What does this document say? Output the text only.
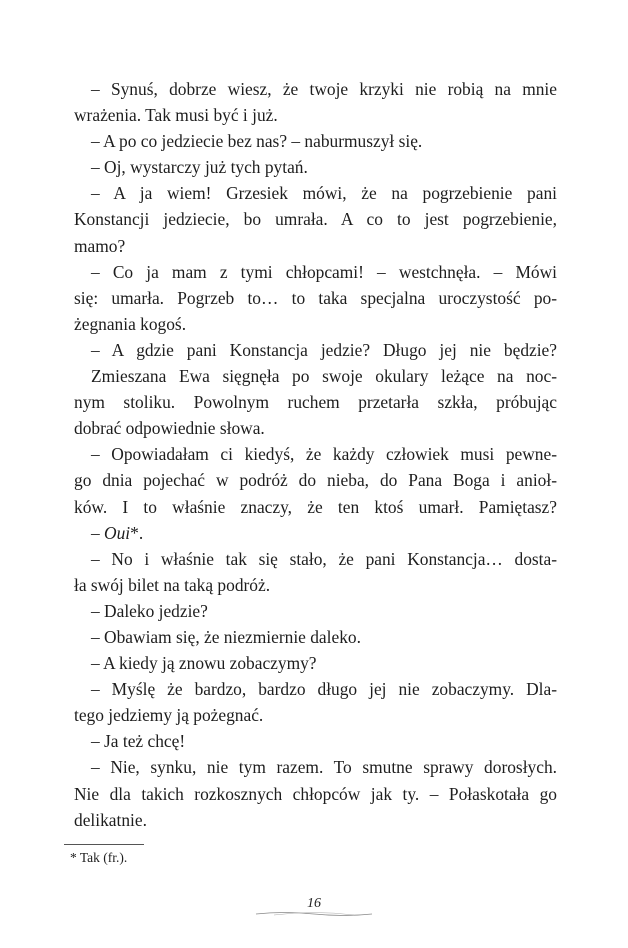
– Synuś, dobrze wiesz, że twoje krzyki nie robią na mnie
wrażenia. Tak musi być i już.
– A po co jedziecie bez nas? – naburmuszył się.
– Oj, wystarczy już tych pytań.
– A ja wiem! Grzesiek mówi, że na pogrzebienie pani
Konstancji jedziecie, bo umrała. A co to jest pogrzebienie,
mamo?
– Co ja mam z tymi chłopcami! – westchnęła. – Mówi
się: umarła. Pogrzeb to… to taka specjalna uroczystość po-
żegnania kogoś.
– A gdzie pani Konstancja jedzie? Długo jej nie będzie?
Zmieszana Ewa sięgnęła po swoje okulary leżące na noc-
nym stoliku. Powolnym ruchem przetarła szkła, próbując
dobrać odpowiednie słowa.
– Opowiadałam ci kiedyś, że każdy człowiek musi pewne-
go dnia pojechać w podróż do nieba, do Pana Boga i anioł-
ków. I to właśnie znaczy, że ten ktoś umarł. Pamiętasz?
– Oui*.
– No i właśnie tak się stało, że pani Konstancja… dosta-
ła swój bilet na taką podróż.
– Daleko jedzie?
– Obawiam się, że niezmiernie daleko.
– A kiedy ją znowu zobaczymy?
– Myślę że bardzo, bardzo długo jej nie zobaczymy. Dla-
tego jedziemy ją pożegnać.
– Ja też chcę!
– Nie, synku, nie tym razem. To smutne sprawy dorosłych.
Nie dla takich rozkosznych chłopców jak ty. – Połaskotała go
delikatnie.
* Tak (fr.).
16
